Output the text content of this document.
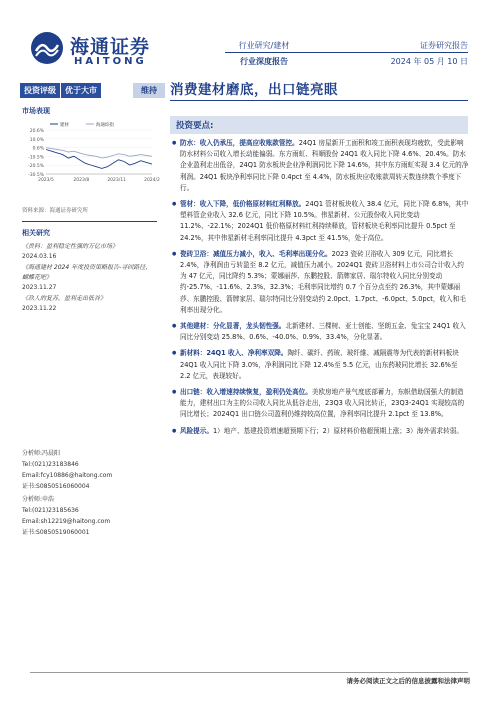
海通证券
HAITONG
行业研究/建材
行业深度报告
证券研究报告
2024 年 05 月 10 日
投资评级	优于大市	维持 消费建材磨底，出口链亮眼
市场表现
20.6%
10.0%
0.6%
-10.5%
-20.5%
-30.5%
2023/5	2023/8	2023/11	2024/2
建材	海通综指
资料来源：海通证券研究所
相关研究
《贵料：盈利稳定性强的万亿市场》
2024.03.16
《海通建材 2024 年度投资策略报告-寻回路径，蝴蝶花吧》
2023.11.27
《玖人的复苏，盈利走出低谷》
2023.11.22
分析师:冯晨阳
Tel:(021)23183846
Email:fcy10886@haitong.com
证书:S0850516060004
分析师:申浩
Tel:(021)23185636
Email:sh12219@haitong.com
证书:S0850519060001
投资要点:
● 防水：收入仍承压，提高应收账款管控。24Q1 房屋新开工面积和竣工面积表现均疲软，受此影响防水材料公司收入增长动能偏弱。东方雨虹、科顺股份 24Q1 收入同比下降 4.6%、20.4%。防水企业盈利走出低谷，24Q1 防水板块企业净利润同比下降 14.6%，其中东方雨虹实现 3.4 亿元的净利润。24Q1 板块净利率同比下降 0.4pct 至 4.4%，防水板块应收账款周转天数连续数个季度下行。
● 管材：收入下降，低价格原材料红利释放。24Q1 管材板块收入 38.4 亿元，同比下降 6.8%，其中塑料管企业收入 32.6 亿元，同比下降 10.5%。伟星新材、公元股份收入同比变动 11.2%、-22.1%；2024Q1 低价格原材料红利持续释放，管材板块毛利率同比提升 0.5pct 至 24.2%，其中伟星新材毛利率同比提升 4.3pct 至 41.5%，处于高位。
● 瓷砖卫浴：减值压力减小，收入、毛利率出现分化。2023 瓷砖卫浴收入 309 亿元，同比增长 2.4%，净利润由亏转盈至 8.2 亿元，减值压力减小。2024Q1 瓷砖卫浴材料上市公司合计收入约为 47 亿元，同比降约 5.3%；蒙娜丽莎、东鹏控股、箭牌家居、瑞尔特收入同比分别变动约-25.7%、-11.6%、2.3%、32.3%；毛利率同比增约 0.7 个百分点至约 26.3%，其中蒙娜丽莎、东鹏控股、箭牌家居、瑞尔特同比分别变动约 2.0pct、1.7pct、-6.0pct、5.0pct，收入和毛利率出现分化。
● 其他建材：分化显著，龙头韧性强。北新建材、三棵树、亚士创能、坚朗五金、兔宝宝 24Q1 收入同比分别变动 25.8%、0.6%、-40.0%、0.9%、33.4%，分化显著。
● 新材料：24Q1 收入、净利率双降。陶纤、碳纤、药玻、玻纤維、减隔震等为代表的新材料板块 24Q1 收入同比下降 3.0%，净利润同比下降 12.4%至 5.5 亿元，山东药玻同比增长 32.6%至 2.2 亿元，表现较好。
● 出口链：收入增速持续恢复，盈利仍处高位。美欧房地产景气度底部蓄力，东帜借助国强大的制造能力，建材出口为主的公司收入同比从低谷走出，23Q3 收入同比转正，23Q3-24Q1 实现较高的同比增长；2024Q1 出口链公司盈利仍维持较高位置，净利率同比提升 2.1pct 至 13.8%。
● 风险提示。1）地产、基建投资增速超预期下行；2）原材料价格超预期上涨；3）海外需求转弱。
请务必阅读正文之后的信息披露和法律声明
